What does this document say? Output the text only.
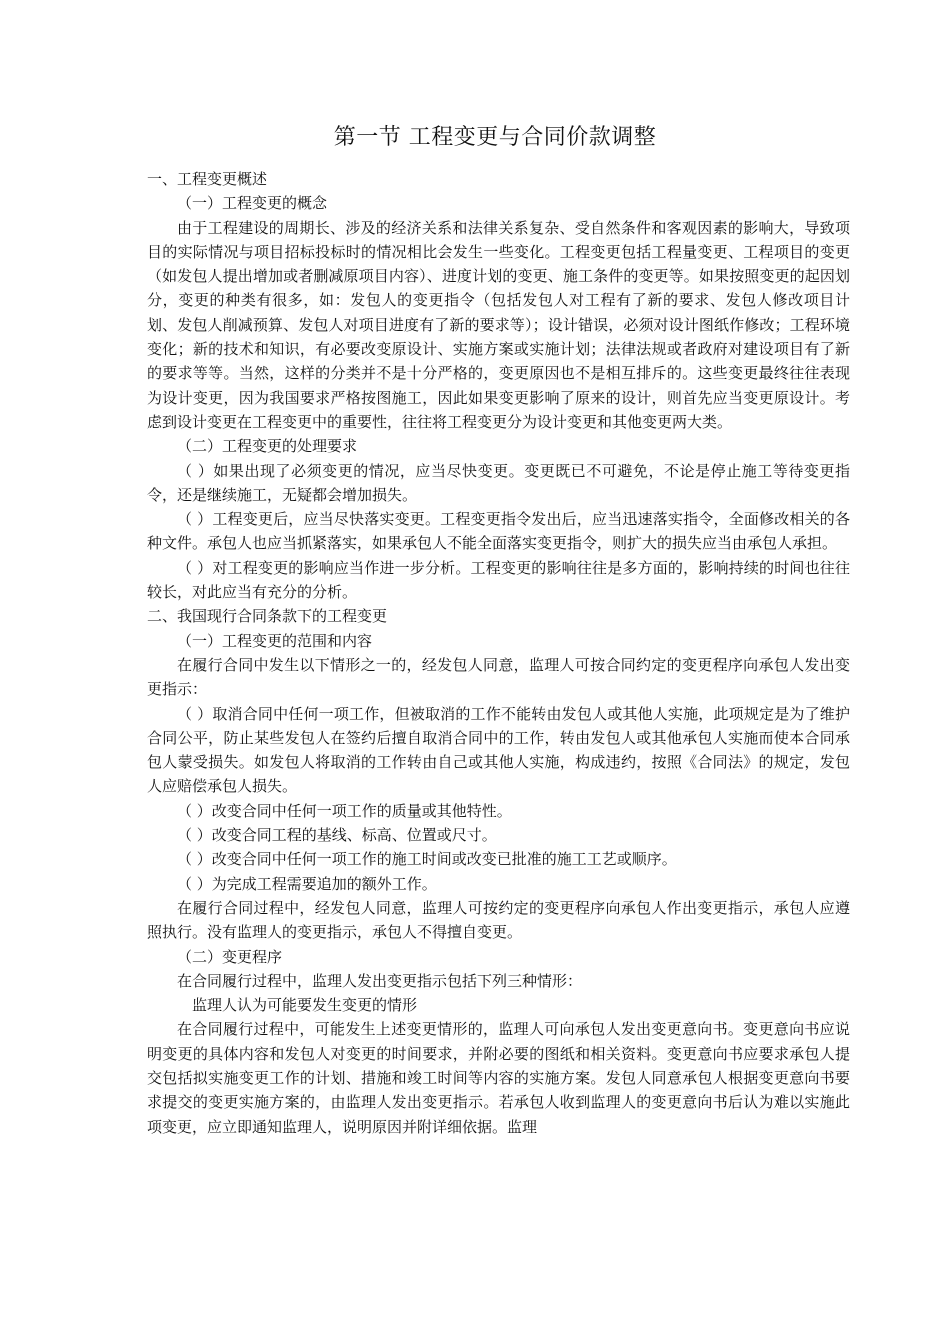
第一节 工程变更与合同价款调整

一、工程变更概述

（一）工程变更的概念

由于工程建设的周期长、涉及的经济关系和法律关系复杂、受自然条件和客观因素的影响大，导致项目的实际情况与项目招标投标时的情况相比会发生一些变化。工程变更包括工程量变更、工程项目的变更（如发包人提出增加或者删减原项目内容）、进度计划的变更、施工条件的变更等。如果按照变更的起因划分，变更的种类有很多，如：发包人的变更指令（包括发包人对工程有了新的要求、发包人修改项目计划、发包人削减预算、发包人对项目进度有了新的要求等）；设计错误，必须对设计图纸作修改；工程环境变化；新的技术和知识，有必要改变原设计、实施方案或实施计划；法律法规或者政府对建设项目有了新的要求等等。当然，这样的分类并不是十分严格的，变更原因也不是相互排斥的。这些变更最终往往表现为设计变更，因为我国要求严格按图施工，因此如果变更影响了原来的设计，则首先应当变更原设计。考虑到设计变更在工程变更中的重要性，往往将工程变更分为设计变更和其他变更两大类。

（二）工程变更的处理要求

（ ）如果出现了必须变更的情况，应当尽快变更。变更既已不可避免，不论是停止施工等待变更指令，还是继续施工，无疑都会增加损失。

（ ）工程变更后，应当尽快落实变更。工程变更指令发出后，应当迅速落实指令，全面修改相关的各种文件。承包人也应当抓紧落实，如果承包人不能全面落实变更指令，则扩大的损失应当由承包人承担。

（ ）对工程变更的影响应当作进一步分析。工程变更的影响往往是多方面的，影响持续的时间也往往较长，对此应当有充分的分析。

二、我国现行合同条款下的工程变更

（一）工程变更的范围和内容

在履行合同中发生以下情形之一的，经发包人同意，监理人可按合同约定的变更程序向承包人发出变更指示：

（ ）取消合同中任何一项工作，但被取消的工作不能转由发包人或其他人实施，此项规定是为了维护合同公平，防止某些发包人在签约后擅自取消合同中的工作，转由发包人或其他承包人实施而使本合同承包人蒙受损失。如发包人将取消的工作转由自己或其他人实施，构成违约，按照《合同法》的规定，发包人应赔偿承包人损失。

（ ）改变合同中任何一项工作的质量或其他特性。

（ ）改变合同工程的基线、标高、位置或尺寸。

（ ）改变合同中任何一项工作的施工时间或改变已批准的施工工艺或顺序。

（ ）为完成工程需要追加的额外工作。

在履行合同过程中，经发包人同意，监理人可按约定的变更程序向承包人作出变更指示，承包人应遵照执行。没有监理人的变更指示，承包人不得擅自变更。

（二）变更程序

在合同履行过程中，监理人发出变更指示包括下列三种情形：

监理人认为可能要发生变更的情形

在合同履行过程中，可能发生上述变更情形的，监理人可向承包人发出变更意向书。变更意向书应说明变更的具体内容和发包人对变更的时间要求，并附必要的图纸和相关资料。变更意向书应要求承包人提交包括拟实施变更工作的计划、措施和竣工时间等内容的实施方案。发包人同意承包人根据变更意向书要求提交的变更实施方案的，由监理人发出变更指示。若承包人收到监理人的变更意向书后认为难以实施此项变更，应立即通知监理人，说明原因并附详细依据。监理
